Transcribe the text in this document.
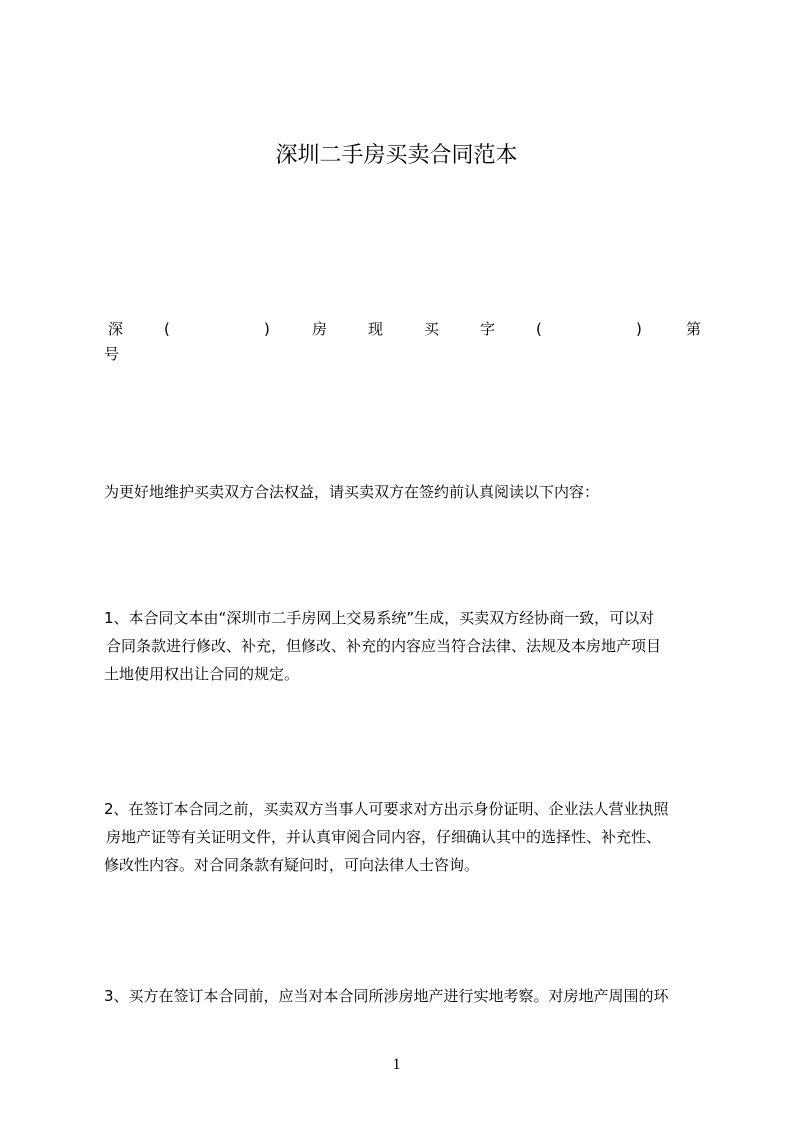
深圳二手房买卖合同范本
深	(	)	房	现	买	字	(	)	第
号
为更好地维护买卖双方合法权益，请买卖双方在签约前认真阅读以下内容：
1、本合同文本由“深圳市二手房网上交易系统”生成，买卖双方经协商一致，可以对
合同条款进行修改、补充，但修改、补充的内容应当符合法律、法规及本房地产项目
土地使用权出让合同的规定。
2、在签订本合同之前，买卖双方当事人可要求对方出示身份证明、企业法人营业执照
房地产证等有关证明文件，并认真审阅合同内容，仔细确认其中的选择性、补充性、
修改性内容。对合同条款有疑问时，可向法律人士咨询。
3、买方在签订本合同前，应当对本合同所涉房地产进行实地考察。对房地产周围的环
1
